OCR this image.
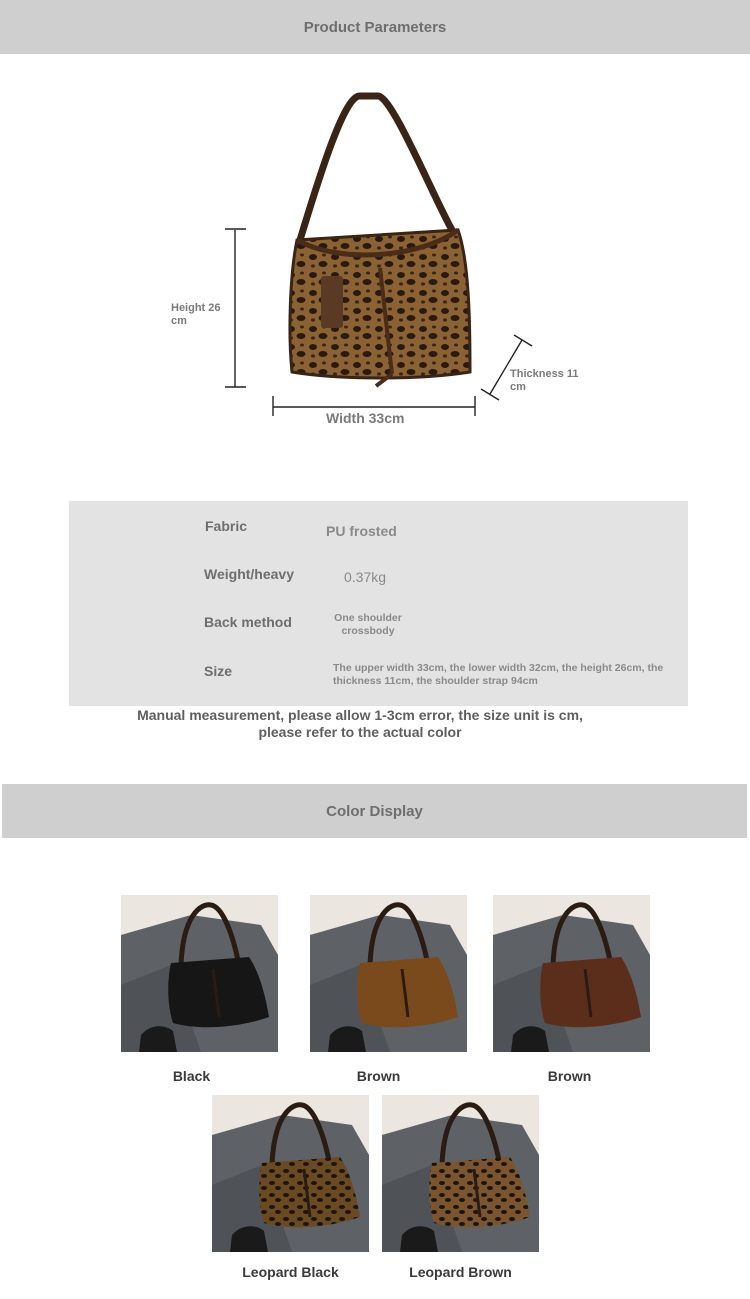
Product Parameters
Height 26 cm
Thickness 11 cm
Width 33cm
Fabric	PU frosted
Weight/heavy	0.37kg
Back method	One shoulder crossbody
Size	The upper width 33cm, the lower width 32cm, the height 26cm, the thickness 11cm, the shoulder strap 94cm
Manual measurement, please allow 1-3cm error, the size unit is cm, please refer to the actual color
Color Display
Black	Brown	Brown
Leopard Black	Leopard Brown
